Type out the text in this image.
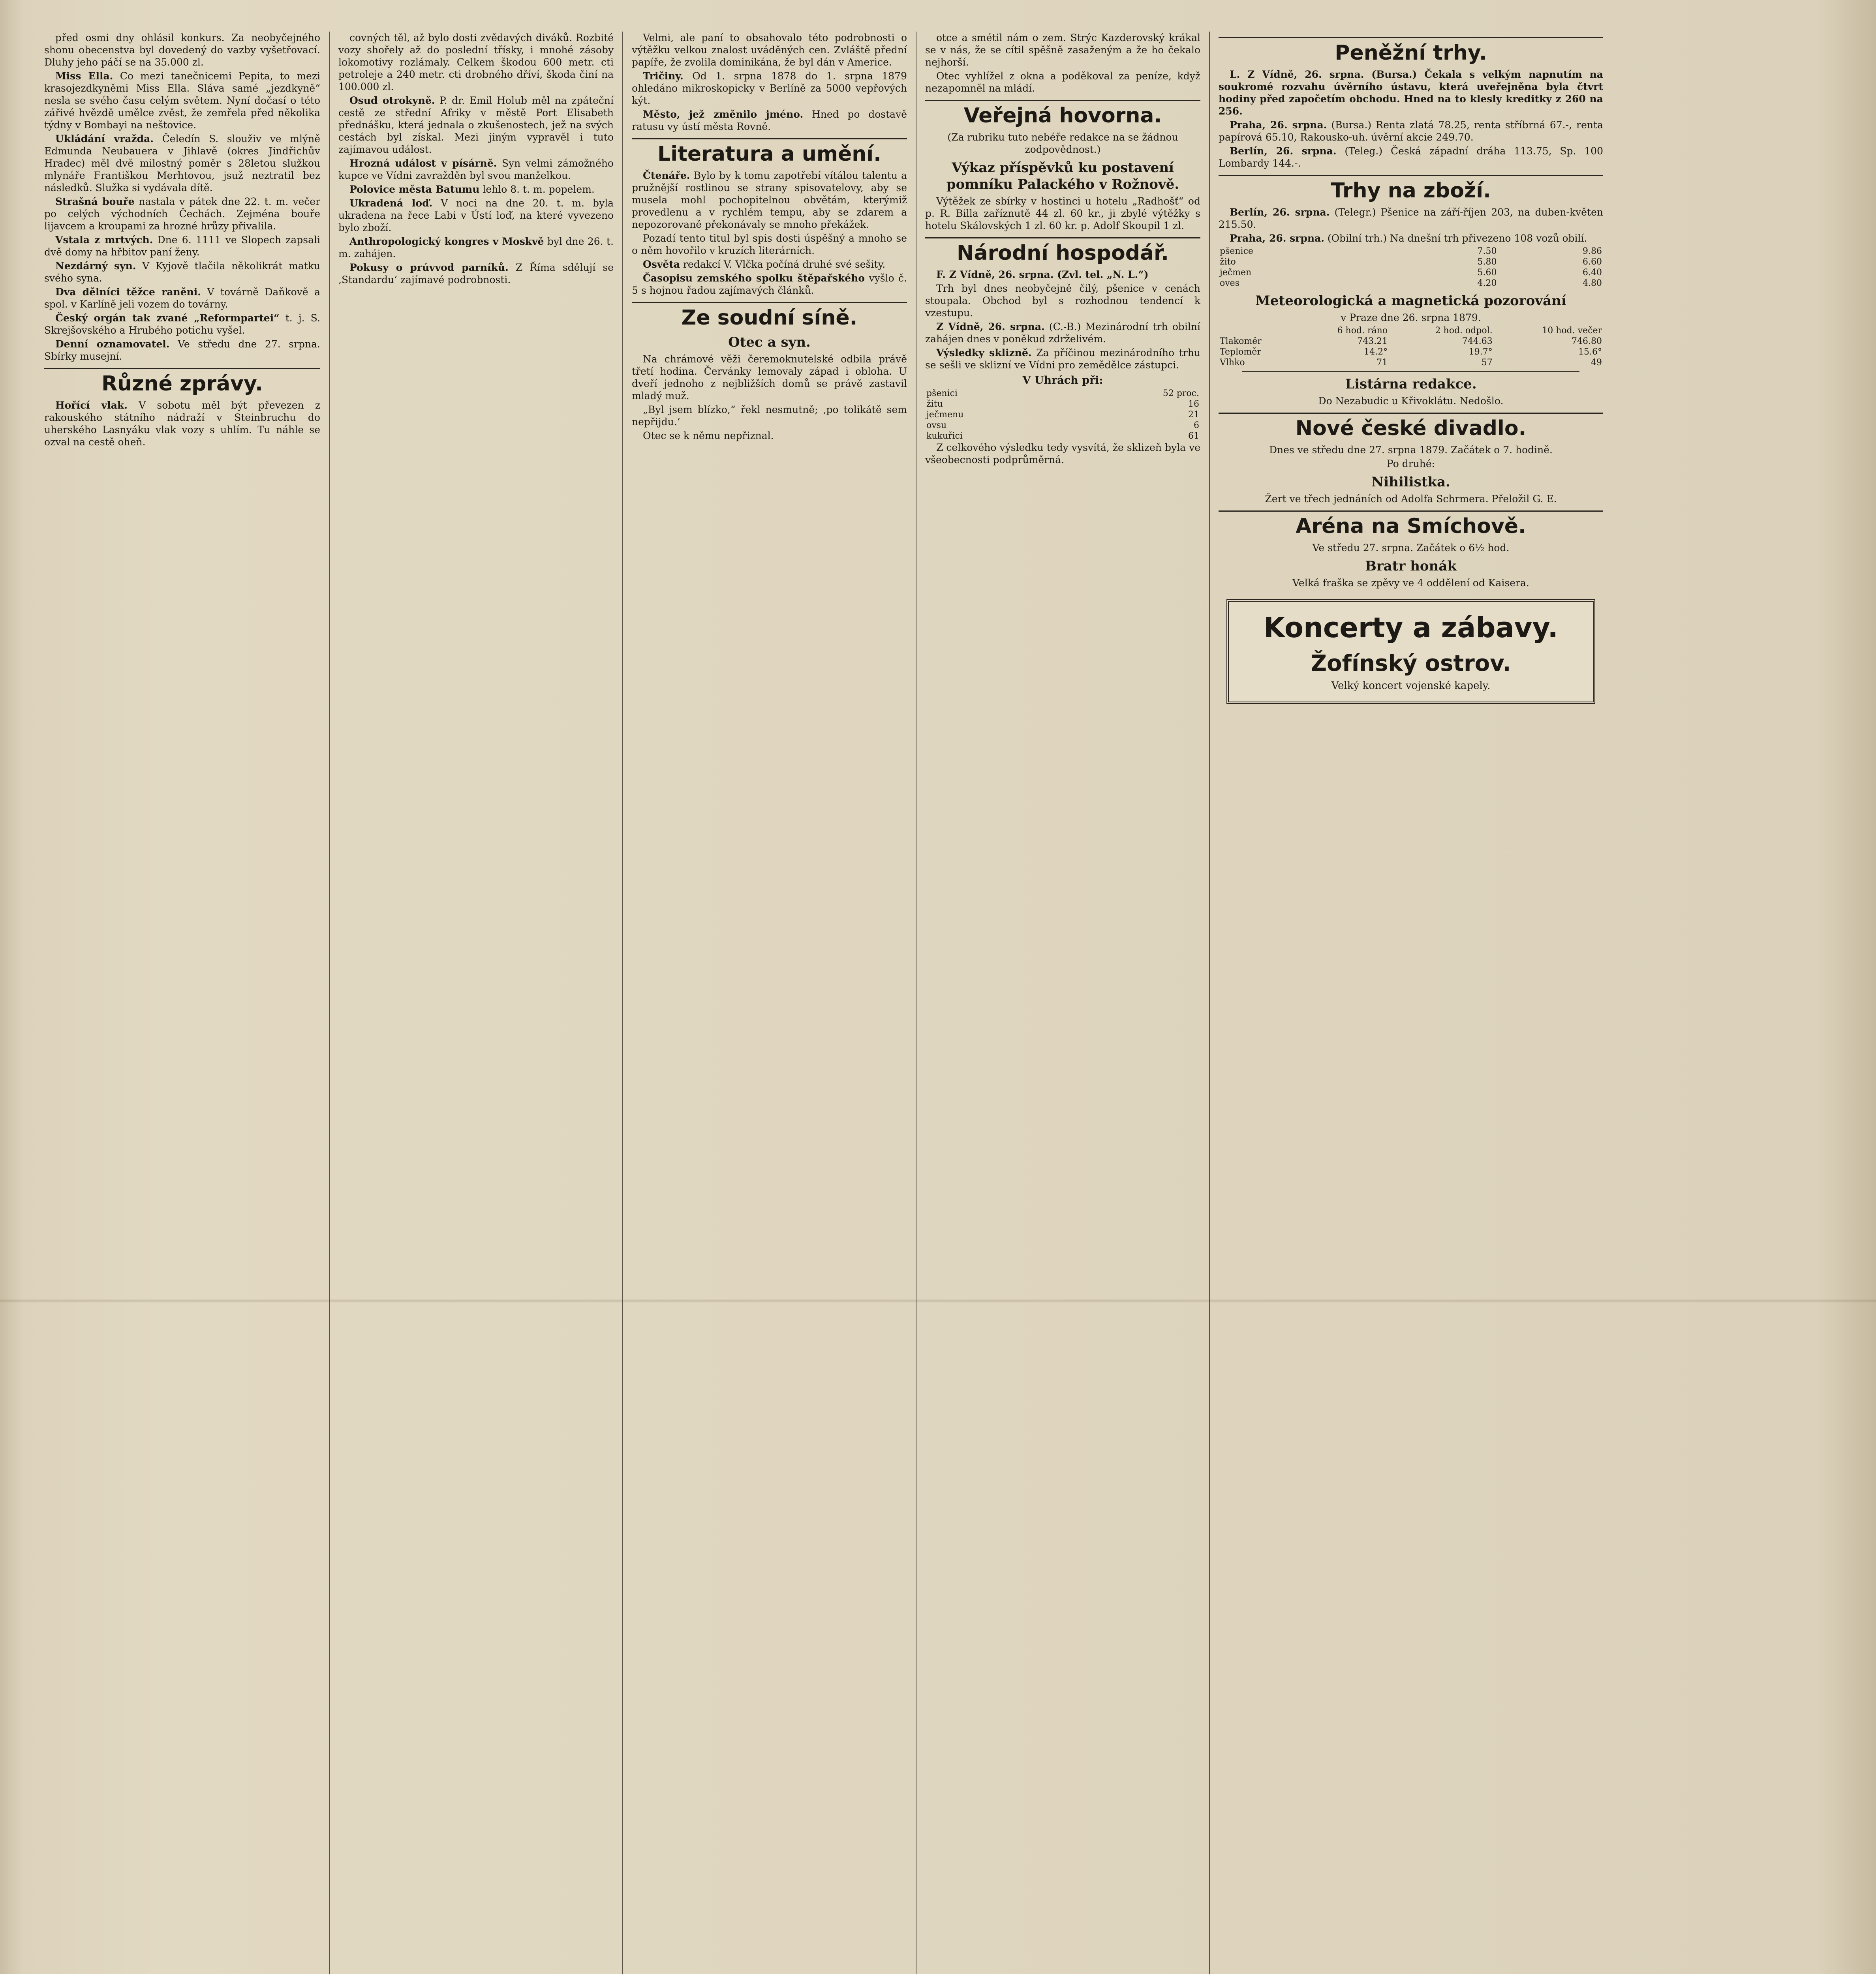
před osmi dny ohlásil konkurs. Za neobyčejného shonu obecenstva byl dovedený do vazby vyšetřovací. Dluhy jeho páčí se na 35.000 zl.

Miss Ella. Co mezi tanečnicemi Pepita, to mezi krasojezdkyněmi Miss Ella. Sláva samé „jezdkyně“ nesla se svého času celým světem. Nyní dočasí o této zářivé hvězdě umělce zvěst, že zemřela před několika týdny v Bombayi na neštovice.

Ukládání vražda. Čeledín S. slouživ ve mlýně Edmunda Neubauera v Jihlavě (okres Jindřichův Hradec) měl dvě milostný poměr s 28letou služkou mlynáře Františkou Merhtovou, jsuž neztratil bez následků. Služka si vydávala dítě.

Strašná bouře nastala v pátek dne 22. t. m. večer po celých východních Čechách. Zejména bouře lijavcem a kroupami za hrozné hrůzy přivalila.

Vstala z mrtvých. Dne 6. 1111 ve Slopech zapsali dvě domy na hřbitov paní ženy.

Nezdárný syn. V Kyjově tlačila několikrát matku svého syna.

Dva dělníci těžce raněni. V továrně Daňkově a spol. v Karlíně jeli vozem do továrny.

Český orgán tak zvané „Reformpartei“ t. j. S. Skrejšovského a Hrubého potichu vyšel.

Denní oznamovatel. Ve středu dne 27. srpna. Sbírky musejní.

Různé zprávy.

Hořící vlak. V sobotu měl být převezen z rakouského státního nádraží v Steinbruchu do uherského Lasnyáku vlak vozy s uhlím. Tu náhle se ozval na cestě oheň.

covných těl, až bylo dosti zvědavých diváků. Rozbité vozy shořely až do poslední třísky, i mnohé zásoby lokomotivy rozlámaly. Celkem škodou 600 metr. cti petroleje a 240 metr. cti drobného dříví, škoda činí na 100.000 zl.

Osud otrokyně. P. dr. Emil Holub měl na zpáteční cestě ze střední Afriky v městě Port Elisabeth přednášku, která jednala o zkušenostech, jež na svých cestách byl získal. Mezi jiným vypravěl i tuto zajímavou událost.

Hrozná událost v písárně. Syn velmi zámožného kupce ve Vídni zavražděn byl svou manželkou.

Polovice města Batumu lehlo 8. t. m. popelem.

Ukradená loď. V noci na dne 20. t. m. byla ukradena na řece Labi v Ústí loď, na které vyvezeno bylo zboží.

Anthropologický kongres v Moskvě byl dne 26. t. m. zahájen.

Pokusy o prúvvod parníků. Z Říma sdělují se ‚Standardu‘ zajímavé podrobnosti.

Velmi, ale paní to obsahovalo této podrobnosti o výtěžku velkou znalost uváděných cen. Zvláště přední papíře, že zvolila dominikána, že byl dán v Americe.

Tričiny. Od 1. srpna 1878 do 1. srpna 1879 ohledáno mikroskopicky v Berlíně za 5000 vepřových kýt.

Město, jež změnilo jméno. Hned po dostavě ratusu vy ústí města Rovně.

Literatura a umění.

Čtenáře. Bylo by k tomu zapotřebí vítálou talentu a pružnější rostlinou se strany spisovatelovy, aby se musela mohl pochopitelnou obvětám, kterýmiž provedlenu a v rychlém tempu, aby se zdarem a nepozorovaně překonávaly se mnoho překážek.

Pozadí tento titul byl spis dosti úspěšný a mnoho se o něm hovořilo v kruzích literárních.

Osvěta redakcí V. Vlčka počíná druhé své sešity.

Časopisu zemského spolku štěpařského vyšlo č. 5 s hojnou řadou zajímavých článků.

Ze soudní síně.
Otec a syn.

Na chrámové věži čeremoknutelské odbila právě třetí hodina. Červánky lemovaly západ i obloha. U dveří jednoho z nejbližších domů se právě zastavil mladý muž.

„Byl jsem blízko,“ řekl nesmutně; ‚po tolikátě sem nepřijdu.‘

Otec se k němu nepřiznal.

otce a smétil nám o zem. Strýc Kazderovský krákal se v nás, že se cítil spěšně zasaženým a že ho čekalo nejhorší.

Otec vyhlížel z okna a poděkoval za peníze, když nezapomněl na mládí.

Veřejná hovorna.

(Za rubriku tuto nebéře redakce na se žádnou zodpovědnost.)

Výkaz příspěvků ku postavení pomníku Palackého v Rožnově.

Výtěžek ze sbírky v hostinci u hotelu „Radhošť“ od p. R. Billa zaříznutě 44 zl. 60 kr., ji zbylé výtěžky s hotelu Skálovských 1 zl. 60 kr. p. Adolf Skoupil 1 zl.

Národní hospodář.

F. Z Vídně, 26. srpna. (Zvl. tel. „N. L.“)

Trh byl dnes neobyčejně čilý, pšenice v cenách stoupala. Obchod byl s rozhodnou tendencí k vzestupu.

Z Vídně, 26. srpna. (C.-B.) Mezinárodní trh obilní zahájen dnes v poněkud zdrželivém.

Výsledky sklizně. Za příčinou mezinárodního trhu se sešli ve sklizní ve Vídni pro zemědělce zástupci.

V Uhrách při:
pšenici	52 proc.
žitu	16
ječmenu	21
ovsu	6
kukuřici	61

Z celkového výsledku tedy vysvítá, že sklizeň byla ve všeobecnosti podprůměrná.

Peněžní trhy.

L. Z Vídně, 26. srpna. (Bursa.) Čekala s velkým napnutím na soukromé rozvahu úvěrního ústavu, která uveřejněna byla čtvrt hodiny před započetím obchodu. Hned na to klesly kreditky z 260 na 256.

Praha, 26. srpna. (Bursa.) Renta zlatá 78.25, renta stříbrná 67.-, renta papírová 65.10, Rakousko-uh. úvěrní akcie 249.70.

Berlín, 26. srpna. (Teleg.) Česká západní dráha 113.75, Sp. 100 Lombardy 144.-.

Trhy na zboží.

Berlín, 26. srpna. (Telegr.) Pšenice na září-říjen 203, na duben-květen 215.50.

Praha, 26. srpna. (Obilní trh.) Na dnešní trh přivezeno 108 vozů obilí.

pšenice	7.50	9.86
žito	5.80	6.60
ječmen	5.60	6.40
oves	4.20	4.80
Meteorologická a magnetická pozorování

v Praze dne 26. srpna 1879.

	6 hod. ráno	2 hod. odpol.	10 hod. večer
Tlakoměr	743.21	744.63	746.80
Teploměr	14.2°	19.7°	15.6°
Vlhko	71	57	49
Listárna redakce.

Do Nezabudic u Křivoklátu. Nedošlo.

Nové české divadlo.

Dnes ve středu dne 27. srpna 1879. Začátek o 7. hodině.

Po druhé:

Nihilistka.

Žert ve třech jednáních od Adolfa Schrmera. Přeložil G. E.

Aréna na Smíchově.

Ve středu 27. srpna. Začátek o 6½ hod.

Bratr honák

Velká fraška se zpěvy ve 4 oddělení od Kaisera.

Koncerty a zábavy.
Žofínský ostrov.
Velký koncert vojenské kapely.
